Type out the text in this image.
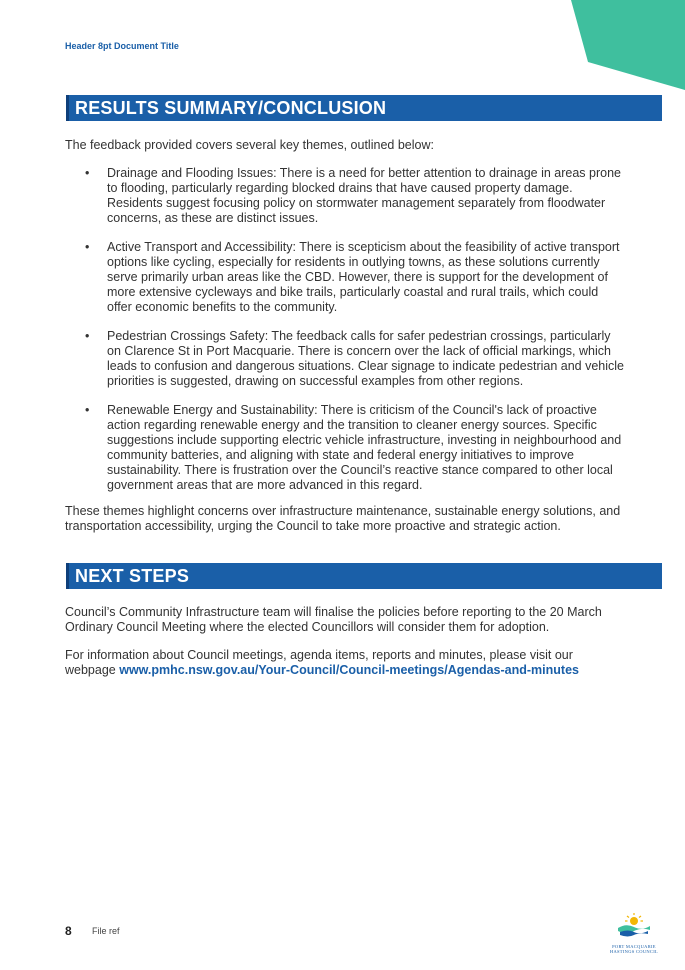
Header 8pt Document Title
RESULTS SUMMARY/CONCLUSION

The feedback provided covers several key themes, outlined below:

• Drainage and Flooding Issues: There is a need for better attention to drainage in areas prone to flooding, particularly regarding blocked drains that have caused property damage. Residents suggest focusing policy on stormwater management separately from floodwater concerns, as these are distinct issues.
• Active Transport and Accessibility: There is scepticism about the feasibility of active transport options like cycling, especially for residents in outlying towns, as these solutions currently serve primarily urban areas like the CBD. However, there is support for the development of more extensive cycleways and bike trails, particularly coastal and rural trails, which could offer economic benefits to the community.
• Pedestrian Crossings Safety: The feedback calls for safer pedestrian crossings, particularly on Clarence St in Port Macquarie. There is concern over the lack of official markings, which leads to confusion and dangerous situations. Clear signage to indicate pedestrian and vehicle priorities is suggested, drawing on successful examples from other regions.
• Renewable Energy and Sustainability: There is criticism of the Council's lack of proactive action regarding renewable energy and the transition to cleaner energy sources. Specific suggestions include supporting electric vehicle infrastructure, investing in neighbourhood and community batteries, and aligning with state and federal energy initiatives to improve sustainability. There is frustration over the Council’s reactive stance compared to other local government areas that are more advanced in this regard.

These themes highlight concerns over infrastructure maintenance, sustainable energy solutions, and transportation accessibility, urging the Council to take more proactive and strategic action.

NEXT STEPS

Council’s Community Infrastructure team will finalise the policies before reporting to the 20 March Ordinary Council Meeting where the elected Councillors will consider them for adoption.

For information about Council meetings, agenda items, reports and minutes, please visit our webpage www.pmhc.nsw.gov.au/Your-Council/Council-meetings/Agendas-and-minutes

8 File ref
PORT MACQUARIE HASTINGS COUNCIL
